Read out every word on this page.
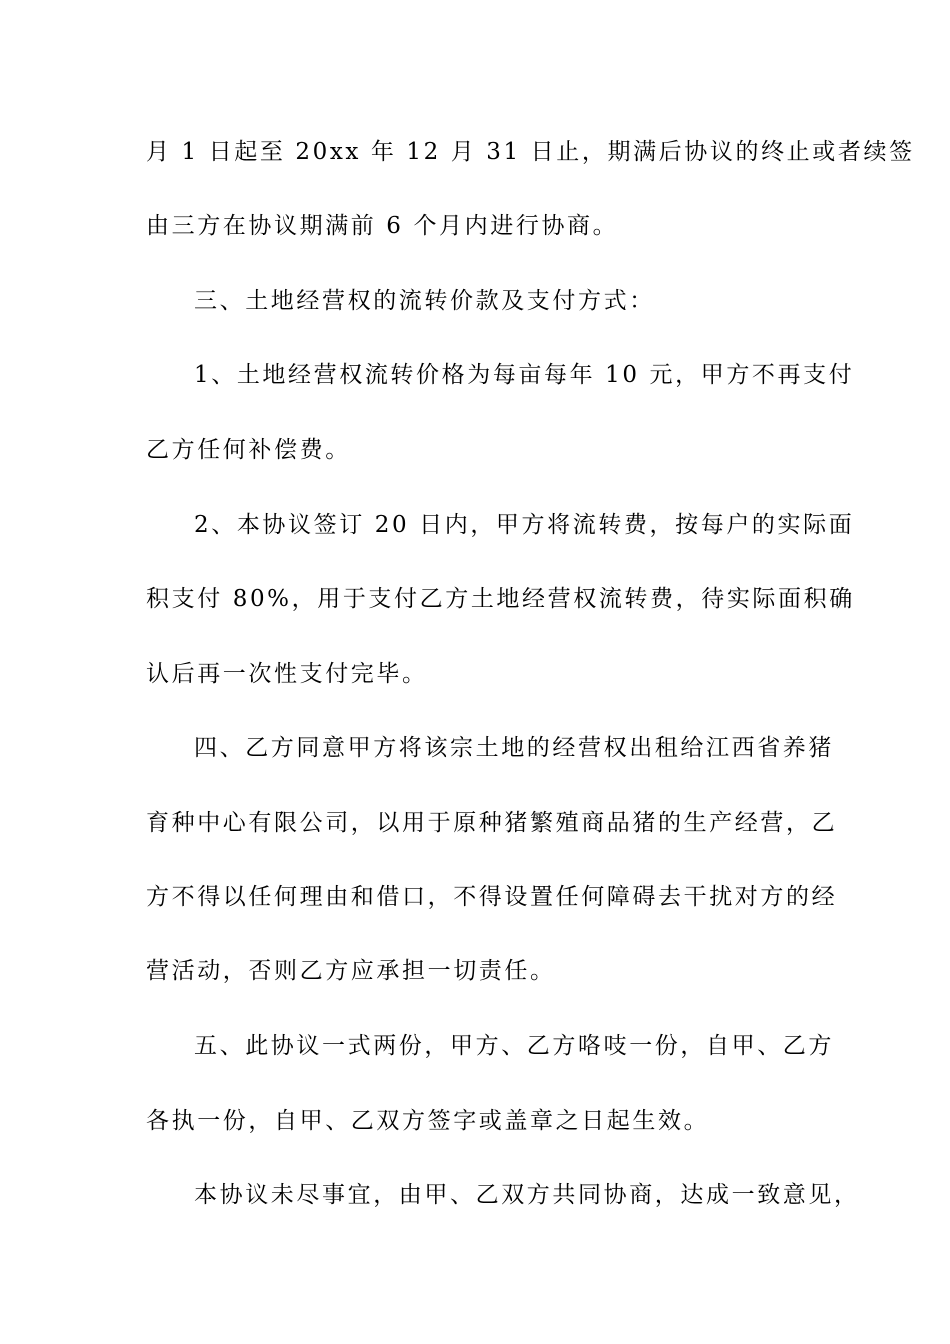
月 1 日起至 20xx 年 12 月 31 日止，期满后协议的终止或者续签
由三方在协议期满前 6 个月内进行协商。
三、土地经营权的流转价款及支付方式：
1、土地经营权流转价格为每亩每年 10 元，甲方不再支付
乙方任何补偿费。
2、本协议签订 20 日内，甲方将流转费，按每户的实际面
积支付 80%，用于支付乙方土地经营权流转费，待实际面积确
认后再一次性支付完毕。
四、乙方同意甲方将该宗土地的经营权出租给江西省养猪
育种中心有限公司，以用于原种猪繁殖商品猪的生产经营，乙
方不得以任何理由和借口，不得设置任何障碍去干扰对方的经
营活动，否则乙方应承担一切责任。
五、此协议一式两份，甲方、乙方咯吱一份，自甲、乙方
各执一份，自甲、乙双方签字或盖章之日起生效。
本协议未尽事宜，由甲、乙双方共同协商，达成一致意见，
